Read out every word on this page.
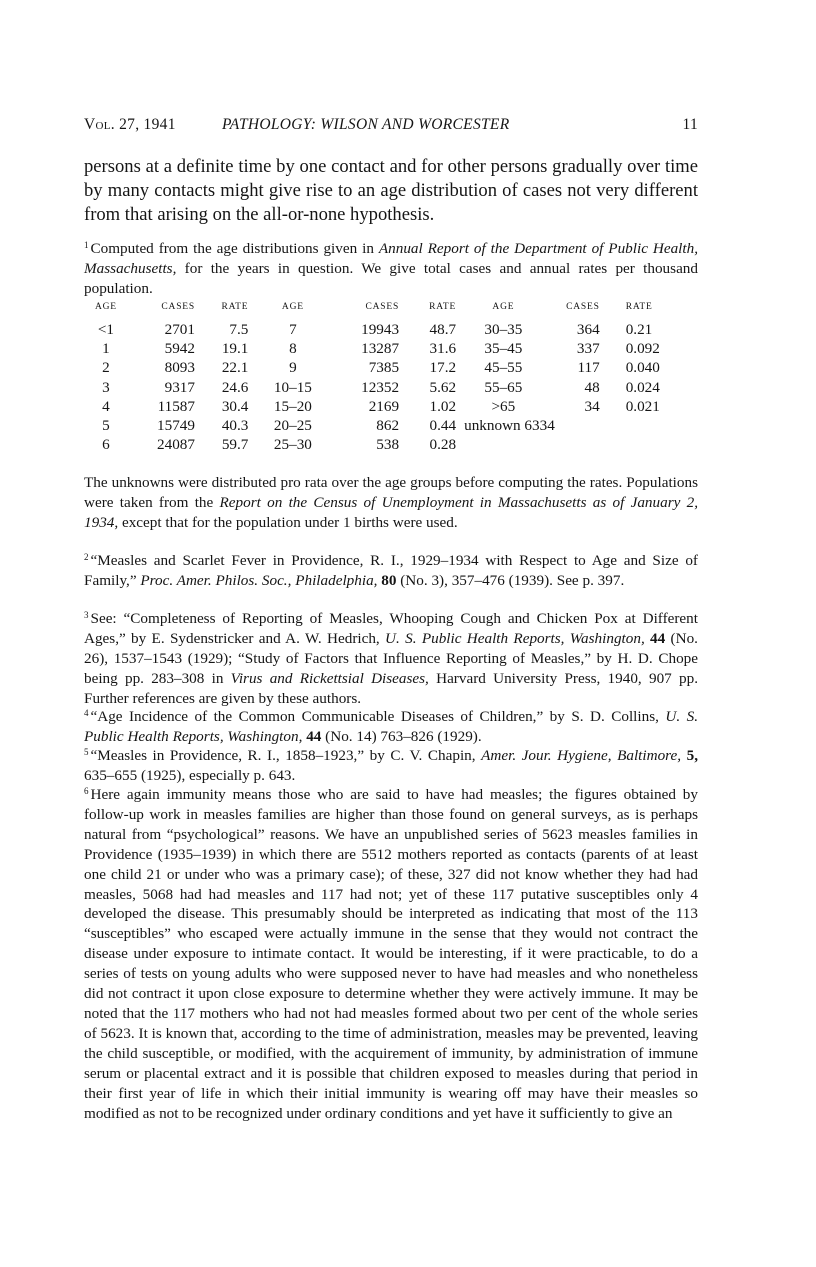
Vol. 27, 1941	PATHOLOGY: WILSON AND WORCESTER	11

persons at a definite time by one contact and for other persons gradually over time by many contacts might give rise to an age distribution of cases not very different from that arising on the all-or-none hypothesis.

$^1$ Computed from the age distributions given in Annual Report of the Department of Public Health, Massachusetts, for the years in question. We give total cases and annual rates per thousand population.
AGE	CASES	RATE	AGE	CASES	RATE	AGE	CASES	RATE
<1	2701	7.5	7	19943	48.7	30–35	364	0.21
1	5942	19.1	8	13287	31.6	35–45	337	0.092
2	8093	22.1	9	7385	17.2	45–55	117	0.040
3	9317	24.6	10–15	12352	5.62	55–65	48	0.024
4	11587	30.4	15–20	2169	1.02	>65	34	0.021
5	15749	40.3	20–25	862	0.44	unknown 6334		
6	24087	59.7	25–30	538	0.28			
The unknowns were distributed pro rata over the age groups before computing the rates. Populations were taken from the Report on the Census of Unemployment in Massachusetts as of January 2, 1934, except that for the population under 1 births were used.
$^2$ “Measles and Scarlet Fever in Providence, R. I., 1929–1934 with Respect to Age and Size of Family,” Proc. Amer. Philos. Soc., Philadelphia, 80 (No. 3), 357–476 (1939). See p. 397.
$^3$ See: “Completeness of Reporting of Measles, Whooping Cough and Chicken Pox at Different Ages,” by E. Sydenstricker and A. W. Hedrich, U. S. Public Health Reports, Washington, 44 (No. 26), 1537–1543 (1929); “Study of Factors that Influence Reporting of Measles,” by H. D. Chope being pp. 283–308 in Virus and Rickettsial Diseases, Harvard University Press, 1940, 907 pp. Further references are given by these authors.
$^4$ “Age Incidence of the Common Communicable Diseases of Children,” by S. D. Collins, U. S. Public Health Reports, Washington, 44 (No. 14) 763–826 (1929).
$^5$ “Measles in Providence, R. I., 1858–1923,” by C. V. Chapin, Amer. Jour. Hygiene, Baltimore, 5, 635–655 (1925), especially p. 643.
$^6$ Here again immunity means those who are said to have had measles; the figures obtained by follow-up work in measles families are higher than those found on general surveys, as is perhaps natural from “psychological” reasons. We have an unpublished series of 5623 measles families in Providence (1935–1939) in which there are 5512 mothers reported as contacts (parents of at least one child 21 or under who was a primary case); of these, 327 did not know whether they had had measles, 5068 had had measles and 117 had not; yet of these 117 putative susceptibles only 4 developed the disease. This presumably should be interpreted as indicating that most of the 113 “susceptibles” who escaped were actually immune in the sense that they would not contract the disease under exposure to intimate contact. It would be interesting, if it were practicable, to do a series of tests on young adults who were supposed never to have had measles and who nonetheless did not contract it upon close exposure to determine whether they were actively immune. It may be noted that the 117 mothers who had not had measles formed about two per cent of the whole series of 5623. It is known that, according to the time of administration, measles may be prevented, leaving the child susceptible, or modified, with the acquirement of immunity, by administration of immune serum or placental extract and it is possible that children exposed to measles during that period in their first year of life in which their initial immunity is wearing off may have their measles so modified as not to be recognized under ordinary conditions and yet have it sufficiently to give an
